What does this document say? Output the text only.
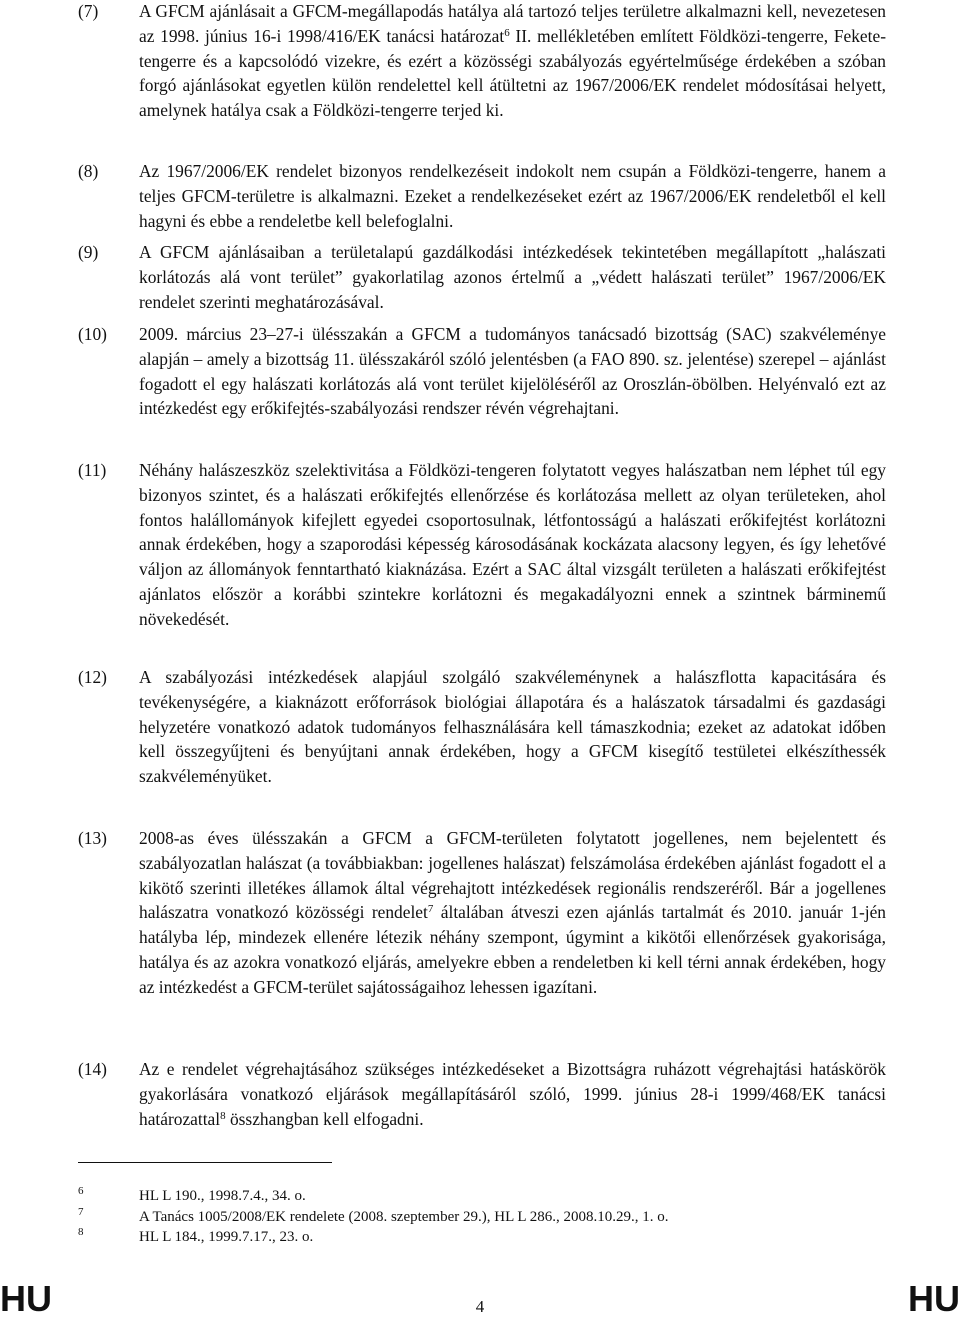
(7)	A GFCM ajánlásait a GFCM-megállapodás hatálya alá tartozó teljes területre alkalmazni kell, nevezetesen az 1998. június 16-i 1998/416/EK tanácsi határozat$^6$ II. mellékletében említett Földközi-tengerre, Fekete-tengerre és a kapcsolódó vizekre, és ezért a közösségi szabályozás egyértelműsége érdekében a szóban forgó ajánlásokat egyetlen külön rendelettel kell átültetni az 1967/2006/EK rendelet módosításai helyett, amelynek hatálya csak a Földközi-tengerre terjed ki.
(8)	Az 1967/2006/EK rendelet bizonyos rendelkezéseit indokolt nem csupán a Földközi-tengerre, hanem a teljes GFCM-területre is alkalmazni. Ezeket a rendelkezéseket ezért az 1967/2006/EK rendeletből el kell hagyni és ebbe a rendeletbe kell belefoglalni.
(9)	A GFCM ajánlásaiban a területalapú gazdálkodási intézkedések tekintetében megállapított „halászati korlátozás alá vont terület” gyakorlatilag azonos értelmű a „védett halászati terület” 1967/2006/EK rendelet szerinti meghatározásával.
(10)	2009. március 23–27-i ülésszakán a GFCM a tudományos tanácsadó bizottság (SAC) szakvéleménye alapján – amely a bizottság 11. ülésszakáról szóló jelentésben (a FAO 890. sz. jelentése) szerepel – ajánlást fogadott el egy halászati korlátozás alá vont terület kijelöléséről az Oroszlán-öbölben. Helyénvaló ezt az intézkedést egy erőkifejtés-szabályozási rendszer révén végrehajtani.
(11)	Néhány halászeszköz szelektivitása a Földközi-tengeren folytatott vegyes halászatban nem léphet túl egy bizonyos szintet, és a halászati erőkifejtés ellenőrzése és korlátozása mellett az olyan területeken, ahol fontos halállományok kifejlett egyedei csoportosulnak, létfontosságú a halászati erőkifejtést korlátozni annak érdekében, hogy a szaporodási képesség károsodásának kockázata alacsony legyen, és így lehetővé váljon az állományok fenntartható kiaknázása. Ezért a SAC által vizsgált területen a halászati erőkifejtést ajánlatos először a korábbi szintekre korlátozni és megakadályozni ennek a szintnek bárminemű növekedését.
(12)	A szabályozási intézkedések alapjául szolgáló szakvéleménynek a halászflotta kapacitására és tevékenységére, a kiaknázott erőforrások biológiai állapotára és a halászatok társadalmi és gazdasági helyzetére vonatkozó adatok tudományos felhasználására kell támaszkodnia; ezeket az adatokat időben kell összegyűjteni és benyújtani annak érdekében, hogy a GFCM kisegítő testületei elkészíthessék szakvéleményüket.
(13)	2008-as éves ülésszakán a GFCM a GFCM-területen folytatott jogellenes, nem bejelentett és szabályozatlan halászat (a továbbiakban: jogellenes halászat) felszámolása érdekében ajánlást fogadott el a kikötő szerinti illetékes államok által végrehajtott intézkedések regionális rendszeréről. Bár a jogellenes halászatra vonatkozó közösségi rendelet$^7$ általában átveszi ezen ajánlás tartalmát és 2010. január 1-jén hatályba lép, mindezek ellenére létezik néhány szempont, úgymint a kikötői ellenőrzések gyakorisága, hatálya és az azokra vonatkozó eljárás, amelyekre ebben a rendeletben ki kell térni annak érdekében, hogy az intézkedést a GFCM-terület sajátosságaihoz lehessen igazítani.
(14)	Az e rendelet végrehajtásához szükséges intézkedéseket a Bizottságra ruházott végrehajtási hatáskörök gyakorlására vonatkozó eljárások megállapításáról szóló, 1999. június 28-i 1999/468/EK tanácsi határozattal$^8$ összhangban kell elfogadni.
6	HL L 190., 1998.7.4., 34. o.
7	A Tanács 1005/2008/EK rendelete (2008. szeptember 29.), HL L 286., 2008.10.29., 1. o.
8	HL L 184., 1999.7.17., 23. o.
HU	4	HU
